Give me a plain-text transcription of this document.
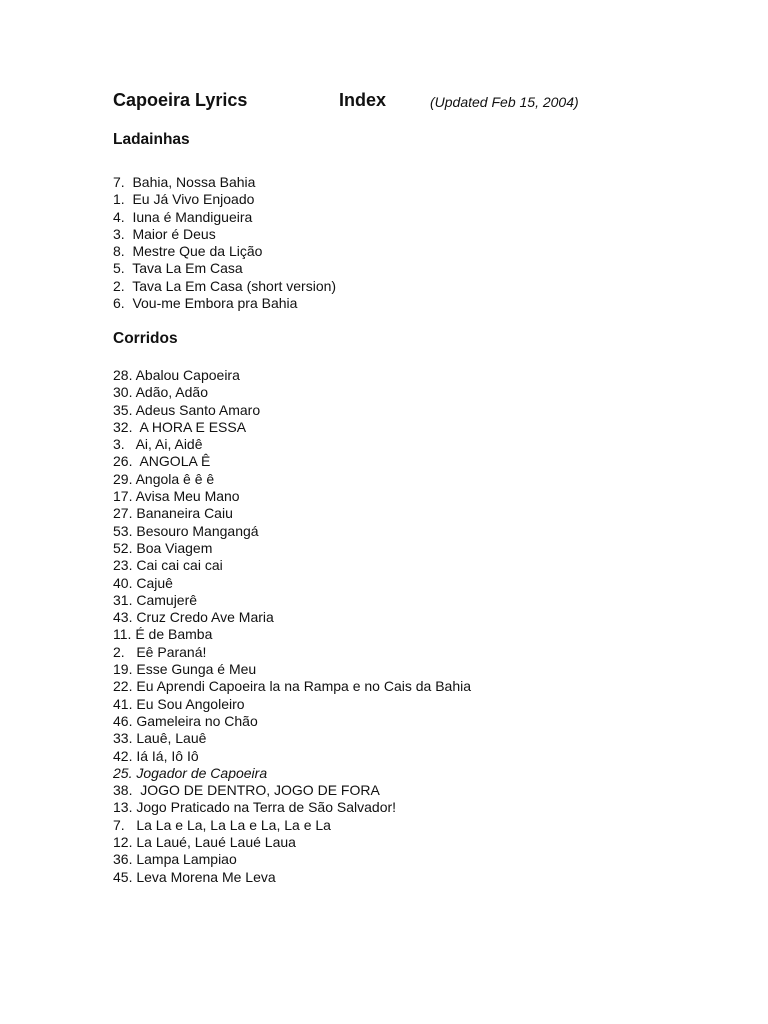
Capoeira Lyrics	Index	(Updated Feb 15, 2004)
Ladainhas
7.  Bahia, Nossa Bahia
1.  Eu Já Vivo Enjoado
4.  Iuna é Mandigueira
3.  Maior é Deus
8.  Mestre Que da Lição
5.  Tava La Em Casa
2.  Tava La Em Casa (short version)
6.  Vou-me Embora pra Bahia
Corridos
28. Abalou Capoeira
30. Adão, Adão
35. Adeus Santo Amaro
32.  A HORA E ESSA
3.   Ai, Ai, Aidê
26.  ANGOLA Ê
29. Angola ê ê ê
17. Avisa Meu Mano
27. Bananeira Caiu
53. Besouro Mangangá
52. Boa Viagem
23. Cai cai cai cai
40. Cajuê
31. Camujerê
43. Cruz Credo Ave Maria
11. É de Bamba
2.   Eê Paraná!
19. Esse Gunga é Meu
22. Eu Aprendi Capoeira la na Rampa e no Cais da Bahia
41. Eu Sou Angoleiro
46. Gameleira no Chão
33. Lauê, Lauê
42. Iá Iá, Iô Iô
25. Jogador de Capoeira
38.  JOGO DE DENTRO, JOGO DE FORA
13. Jogo Praticado na Terra de São Salvador!
7.   La La e La, La La e La, La e La
12. La Laué, Laué Laué Laua
36. Lampa Lampiao
45. Leva Morena Me Leva
